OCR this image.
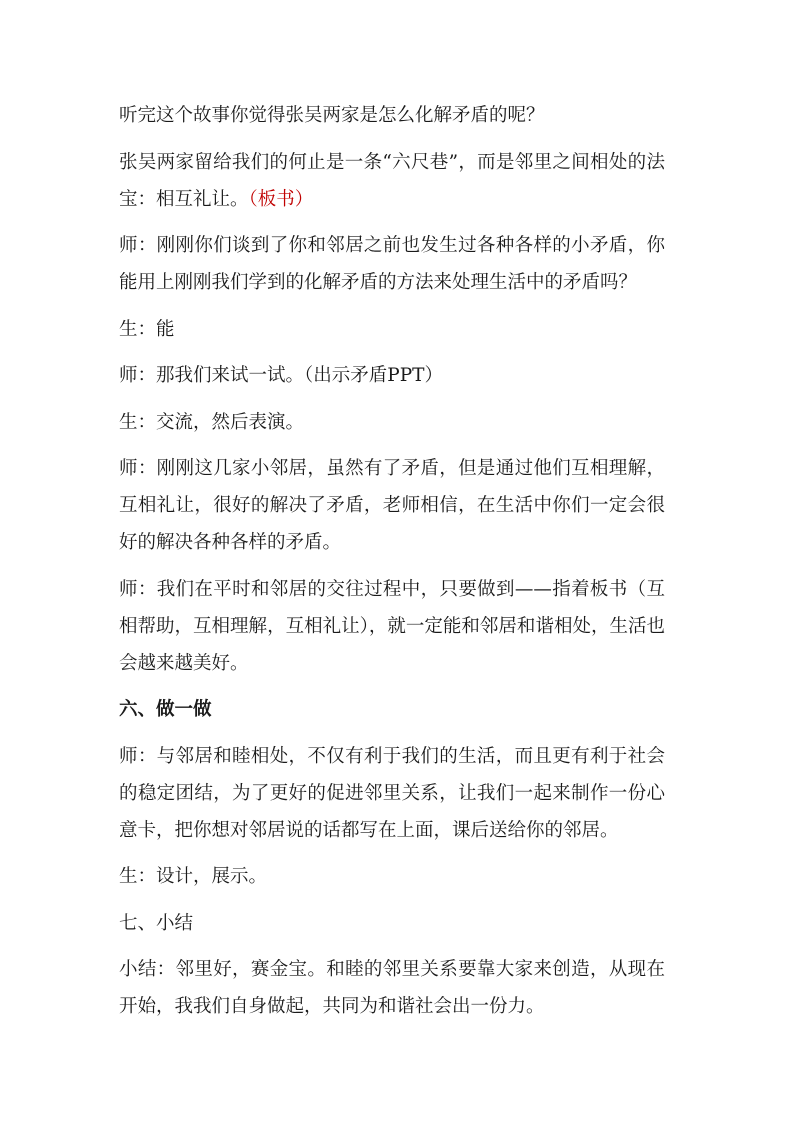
听完这个故事你觉得张吴两家是怎么化解矛盾的呢？

张吴两家留给我们的何止是一条“六尺巷”，而是邻里之间相处的法宝：相互礼让。（板书）

师：刚刚你们谈到了你和邻居之前也发生过各种各样的小矛盾，你能用上刚刚我们学到的化解矛盾的方法来处理生活中的矛盾吗？

生：能

师：那我们来试一试。（出示矛盾PPT）

生：交流，然后表演。

师：刚刚这几家小邻居，虽然有了矛盾，但是通过他们互相理解，互相礼让，很好的解决了矛盾，老师相信，在生活中你们一定会很好的解决各种各样的矛盾。

师：我们在平时和邻居的交往过程中，只要做到——指着板书（互相帮助，互相理解，互相礼让），就一定能和邻居和谐相处，生活也会越来越美好。

六、做一做

师：与邻居和睦相处，不仅有利于我们的生活，而且更有利于社会的稳定团结，为了更好的促进邻里关系，让我们一起来制作一份心意卡，把你想对邻居说的话都写在上面，课后送给你的邻居。

生：设计，展示。

七、小结

小结：邻里好，赛金宝。和睦的邻里关系要靠大家来创造，从现在开始，我我们自身做起，共同为和谐社会出一份力。
